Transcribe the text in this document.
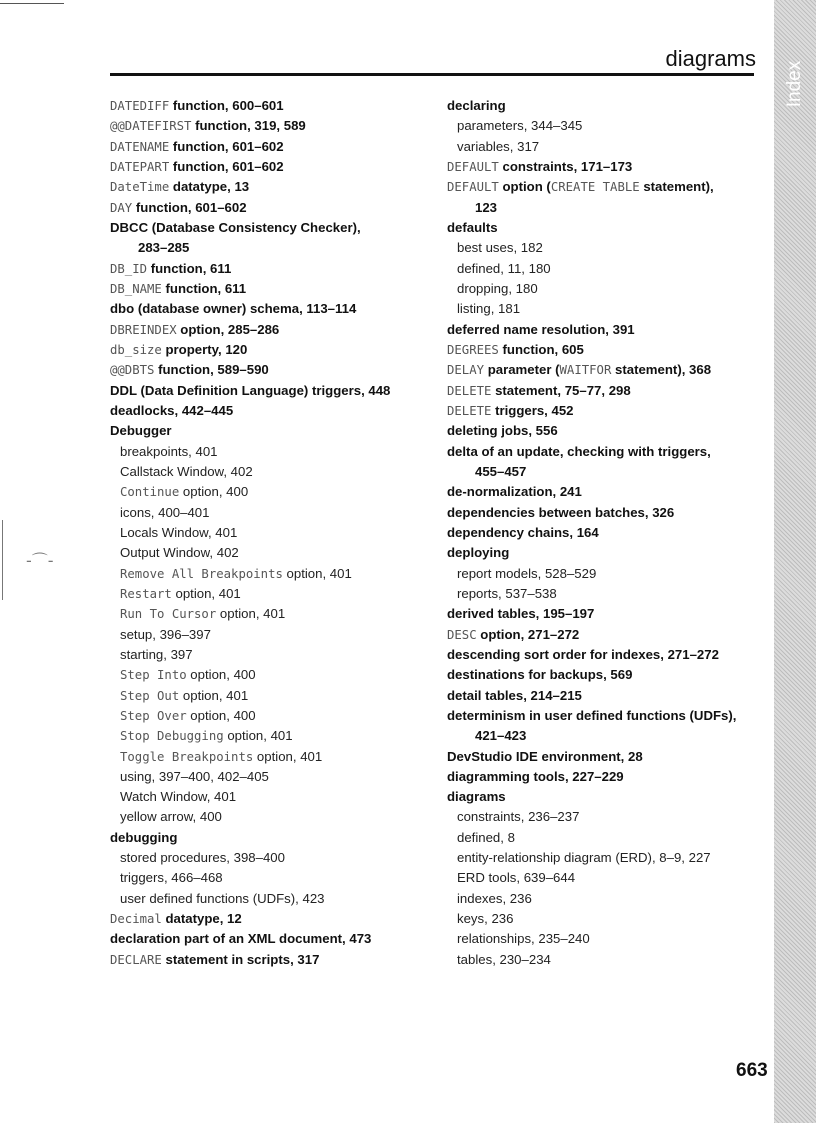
-⌒-
Index
diagrams
DATEDIFF function, 600–601
@@DATEFIRST function, 319, 589
DATENAME function, 601–602
DATEPART function, 601–602
DateTime datatype, 13
DAY function, 601–602
DBCC (Database Consistency Checker),
283–285
DB_ID function, 611
DB_NAME function, 611
dbo (database owner) schema, 113–114
DBREINDEX option, 285–286
db_size property, 120
@@DBTS function, 589–590
DDL (Data Definition Language) triggers, 448
deadlocks, 442–445
Debugger
breakpoints, 401
Callstack Window, 402
Continue option, 400
icons, 400–401
Locals Window, 401
Output Window, 402
Remove All Breakpoints option, 401
Restart option, 401
Run To Cursor option, 401
setup, 396–397
starting, 397
Step Into option, 400
Step Out option, 401
Step Over option, 400
Stop Debugging option, 401
Toggle Breakpoints option, 401
using, 397–400, 402–405
Watch Window, 401
yellow arrow, 400
debugging
stored procedures, 398–400
triggers, 466–468
user defined functions (UDFs), 423
Decimal datatype, 12
declaration part of an XML document, 473
DECLARE statement in scripts, 317
declaring
parameters, 344–345
variables, 317
DEFAULT constraints, 171–173
DEFAULT option (CREATE TABLE statement),
123
defaults
best uses, 182
defined, 11, 180
dropping, 180
listing, 181
deferred name resolution, 391
DEGREES function, 605
DELAY parameter (WAITFOR statement), 368
DELETE statement, 75–77, 298
DELETE triggers, 452
deleting jobs, 556
delta of an update, checking with triggers,
455–457
de-normalization, 241
dependencies between batches, 326
dependency chains, 164
deploying
report models, 528–529
reports, 537–538
derived tables, 195–197
DESC option, 271–272
descending sort order for indexes, 271–272
destinations for backups, 569
detail tables, 214–215
determinism in user defined functions (UDFs),
421–423
DevStudio IDE environment, 28
diagramming tools, 227–229
diagrams
constraints, 236–237
defined, 8
entity-relationship diagram (ERD), 8–9, 227
ERD tools, 639–644
indexes, 236
keys, 236
relationships, 235–240
tables, 230–234
663
